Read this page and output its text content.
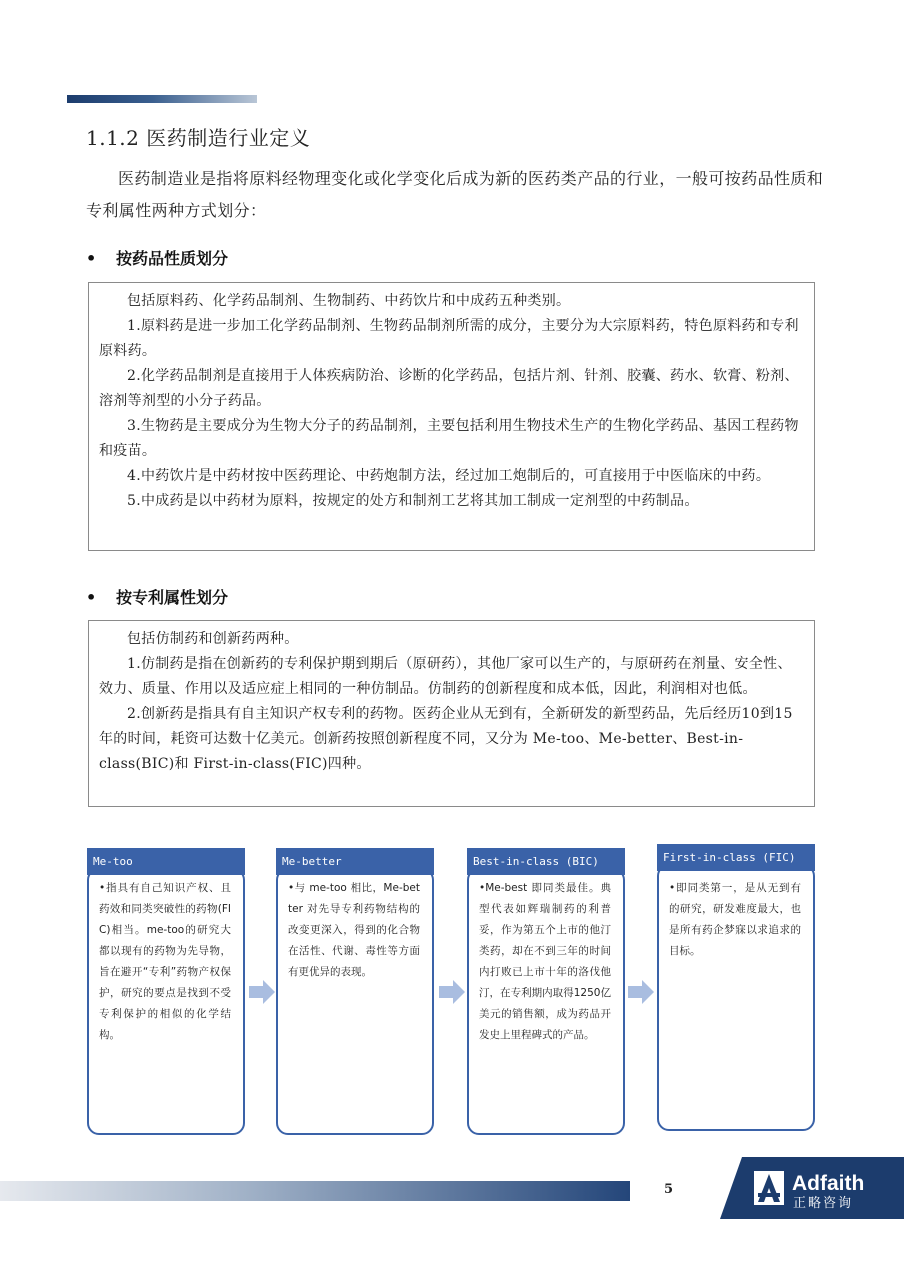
1.1.2 医药制造行业定义

医药制造业是指将原料经物理变化或化学变化后成为新的医药类产品的行业，一般可按药品性质和专利属性两种方式划分：

• 按药品性质划分

包括原料药、化学药品制剂、生物制药、中药饮片和中成药五种类别。

1.原料药是进一步加工化学药品制剂、生物药品制剂所需的成分，主要分为大宗原料药，特色原料药和专利原料药。

2.化学药品制剂是直接用于人体疾病防治、诊断的化学药品，包括片剂、针剂、胶囊、药水、软膏、粉剂、溶剂等剂型的小分子药品。

3.生物药是主要成分为生物大分子的药品制剂，主要包括利用生物技术生产的生物化学药品、基因工程药物和疫苗。

4.中药饮片是中药材按中医药理论、中药炮制方法，经过加工炮制后的，可直接用于中医临床的中药。

5.中成药是以中药材为原料，按规定的处方和制剂工艺将其加工制成一定剂型的中药制品。

• 按专利属性划分

包括仿制药和创新药两种。

1.仿制药是指在创新药的专利保护期到期后（原研药），其他厂家可以生产的，与原研药在剂量、安全性、效力、质量、作用以及适应症上相同的一种仿制品。仿制药的创新程度和成本低，因此，利润相对也低。

2.创新药是指具有自主知识产权专利的药物。医药企业从无到有，全新研发的新型药品，先后经历10到15年的时间，耗资可达数十亿美元。创新药按照创新程度不同，又分为 Me-too、Me-better、Best-in-class(BIC)和 First-in-class(FIC)四种。

Me-too
•指具有自己知识产权、且药效和同类突破性的药物(FIC)相当。me-too的研究大都以现有的药物为先导物，旨在避开“专利”药物产权保护，研究的要点是找到不受专利保护的相似的化学结构。
Me-better
•与 me-too 相比，Me-better 对先导专利药物结构的改变更深入，得到的化合物在活性、代谢、毒性等方面有更优异的表现。
Best-in-class (BIC)
•Me-best 即同类最佳。典型代表如辉瑞制药的利普妥，作为第五个上市的他汀类药，却在不到三年的时间内打败已上市十年的洛伐他汀，在专利期内取得1250亿美元的销售额，成为药品开发史上里程碑式的产品。
First-in-class (FIC)
•即同类第一，是从无到有的研究，研发难度最大，也是所有药企梦寐以求追求的目标。
5	Adfaith
正略咨询
